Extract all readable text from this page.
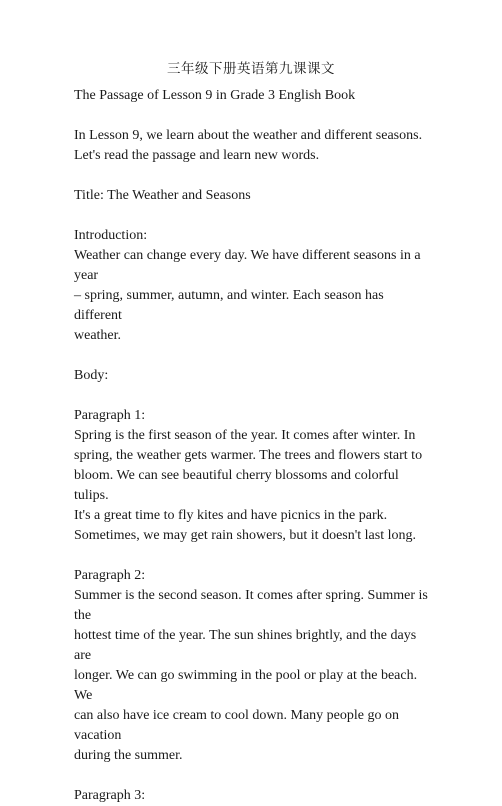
三年级下册英语第九课课文

The Passage of Lesson 9 in Grade 3 English Book

In Lesson 9, we learn about the weather and different seasons.

Let's read the passage and learn new words.

Title: The Weather and Seasons

Introduction:

Weather can change every day. We have different seasons in a year

– spring, summer, autumn, and winter. Each season has different

weather.

Body:

Paragraph 1:

Spring is the first season of the year. It comes after winter. In

spring, the weather gets warmer. The trees and flowers start to

bloom. We can see beautiful cherry blossoms and colorful tulips.

It's a great time to fly kites and have picnics in the park.

Sometimes, we may get rain showers, but it doesn't last long.

Paragraph 2:

Summer is the second season. It comes after spring. Summer is the

hottest time of the year. The sun shines brightly, and the days are

longer. We can go swimming in the pool or play at the beach. We

can also have ice cream to cool down. Many people go on vacation

during the summer.

Paragraph 3:
